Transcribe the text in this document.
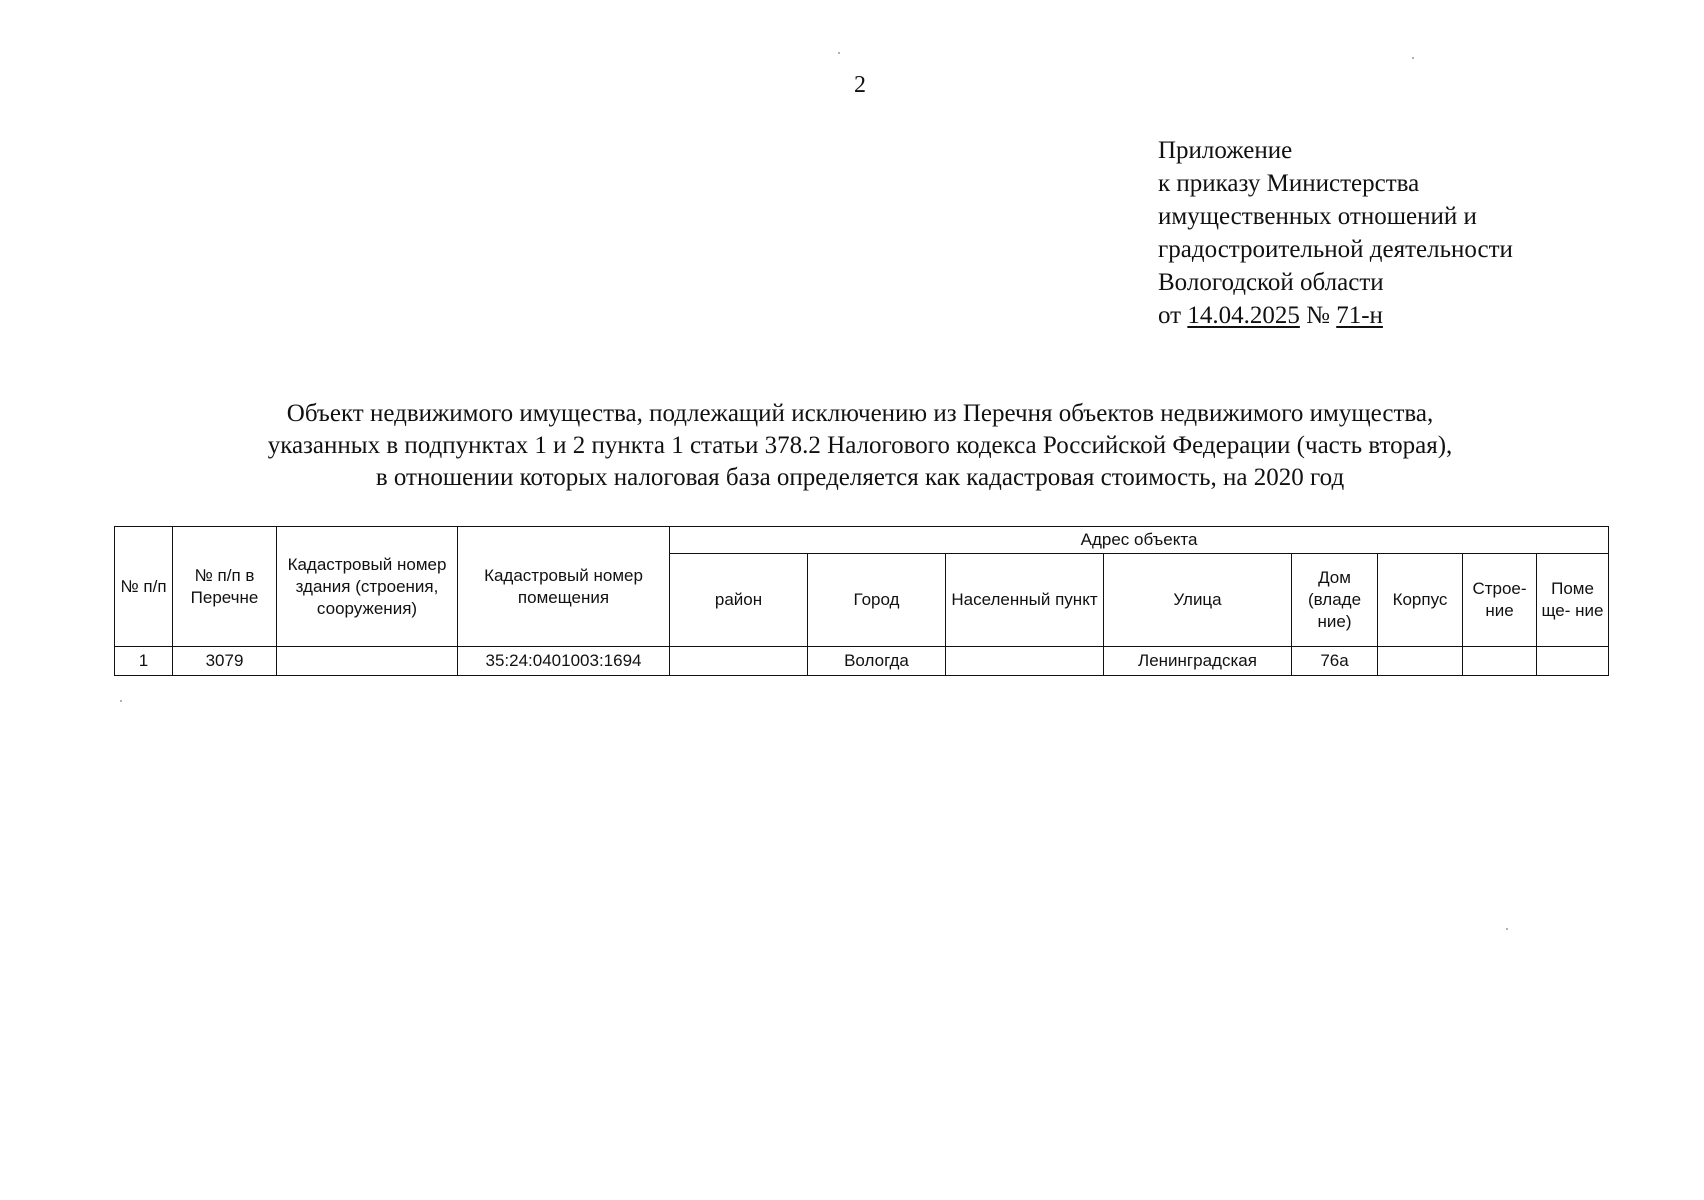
2
Приложение
к приказу Министерства
имущественных отношений и
градостроительной деятельности
Вологодской области
от 14.04.2025 № 71-н
Объект недвижимого имущества, подлежащий исключению из Перечня объектов недвижимого имущества,
указанных в подпунктах 1 и 2 пункта 1 статьи 378.2 Налогового кодекса Российской Федерации (часть вторая),
в отношении которых налоговая база определяется как кадастровая стоимость, на 2020 год
№ п/п	№ п/п в Перечне	Кадастровый номер здания (строения, сооружения)	Кадастровый номер помещения	Адрес объекта							
				район	Город	Населенный пункт	Улица	Дом (владе ние)	Корпус	Строе- ние	Поме ще- ние
1	3079		35:24:0401003:1694		Вологда		Ленинградская	76а			
